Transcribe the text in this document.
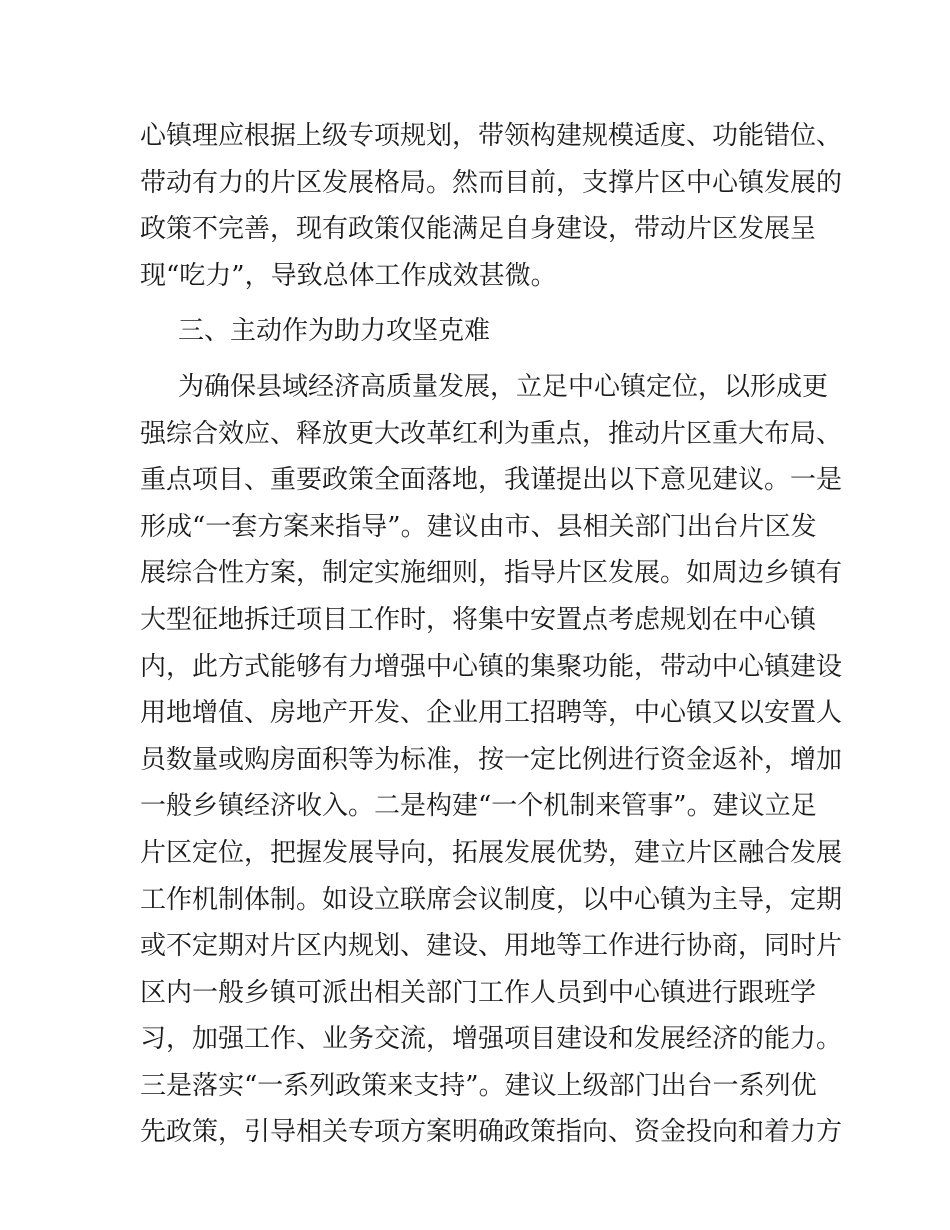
心镇理应根据上级专项规划，带领构建规模适度、功能错位、
带动有力的片区发展格局。然而目前，支撑片区中心镇发展的
政策不完善，现有政策仅能满足自身建设，带动片区发展呈
现“吃力”，导致总体工作成效甚微。
三、主动作为助力攻坚克难
为确保县域经济高质量发展，立足中心镇定位，以形成更
强综合效应、释放更大改革红利为重点，推动片区重大布局、
重点项目、重要政策全面落地，我谨提出以下意见建议。一是
形成“一套方案来指导”。建议由市、县相关部门出台片区发
展综合性方案，制定实施细则，指导片区发展。如周边乡镇有
大型征地拆迁项目工作时，将集中安置点考虑规划在中心镇
内，此方式能够有力增强中心镇的集聚功能，带动中心镇建设
用地增值、房地产开发、企业用工招聘等，中心镇又以安置人
员数量或购房面积等为标准，按一定比例进行资金返补，增加
一般乡镇经济收入。二是构建“一个机制来管事”。建议立足
片区定位，把握发展导向，拓展发展优势，建立片区融合发展
工作机制体制。如设立联席会议制度，以中心镇为主导，定期
或不定期对片区内规划、建设、用地等工作进行协商，同时片
区内一般乡镇可派出相关部门工作人员到中心镇进行跟班学
习，加强工作、业务交流，增强项目建设和发展经济的能力。
三是落实“一系列政策来支持”。建议上级部门出台一系列优
先政策，引导相关专项方案明确政策指向、资金投向和着力方
